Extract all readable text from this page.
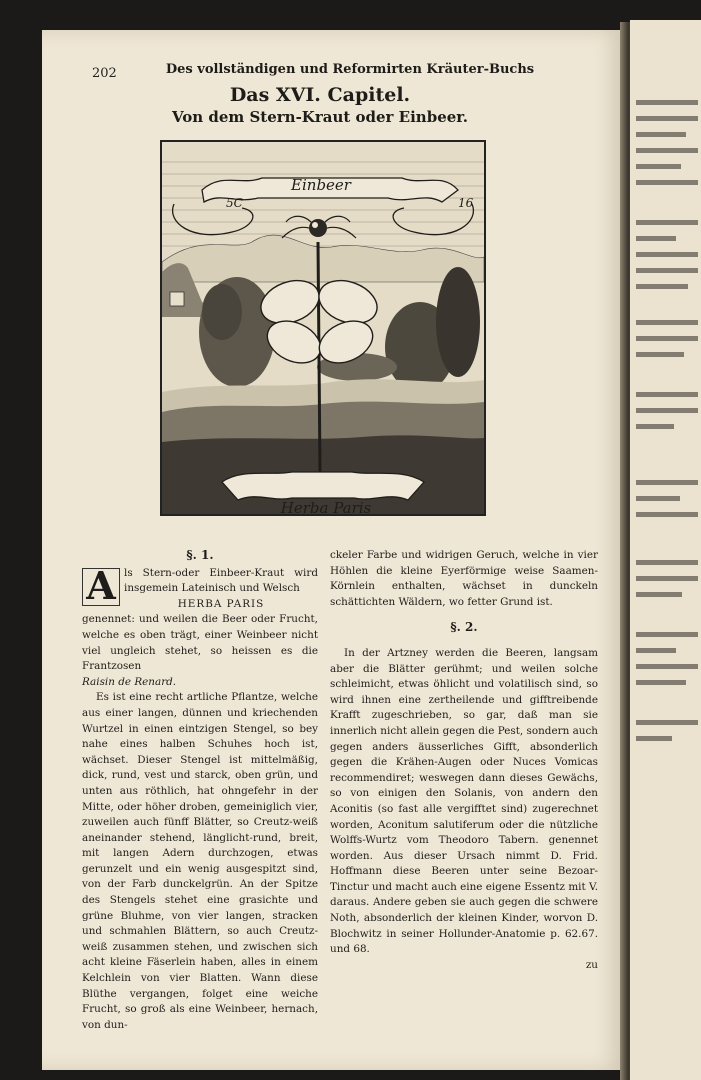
202	Des vollständigen und Reformirten Kräuter-Buchs
Das XVI. Capitel.
Von dem Stern-Kraut oder Einbeer.
Einbeer
5C	16
Herba Paris
§. 1.

A ls Stern-oder Einbeer-Kraut wird insgemein Lateinisch und Welsch

HERBA PARIS

genennet: und weilen die Beer oder Frucht, welche es oben trägt, einer Weinbeer nicht viel ungleich stehet, so heissen es die Frantzosen

Raisin de Renard.

Es ist eine recht artliche Pflantze, welche aus einer langen, dünnen und kriechenden Wurtzel in einen eintzigen Stengel, so bey nahe eines halben Schuhes hoch ist, wächset. Dieser Stengel ist mittelmäßig, dick, rund, vest und starck, oben grün, und unten aus röthlich, hat ohngefehr in der Mitte, oder höher droben, gemeiniglich vier, zuweilen auch fünff Blätter, so Creutz-weiß aneinander stehend, länglicht-rund, breit, mit langen Adern durchzogen, etwas gerunzelt und ein wenig ausgespitzt sind, von der Farb dunckelgrün. An der Spitze des Stengels stehet eine grasichte und grüne Bluhme, von vier langen, stracken und schmahlen Blättern, so auch Creutz-weiß zusammen stehen, und zwischen sich acht kleine Fäserlein haben, alles in einem Kelchlein von vier Blatten. Wann diese Blüthe vergangen, folget eine weiche Frucht, so groß als eine Weinbeer, hernach, von dun-

ckeler Farbe und widrigen Geruch, welche in vier Höhlen die kleine Eyerförmige weise Saamen-Körnlein enthalten, wächset in dunckeln schättichten Wäldern, wo fetter Grund ist.

§. 2.

In der Artzney werden die Beeren, langsam aber die Blätter gerühmt; und weilen solche schleimicht, etwas öhlicht und volatilisch sind, so wird ihnen eine zertheilende und gifftreibende Krafft zugeschrieben, so gar, daß man sie innerlich nicht allein gegen die Pest, sondern auch gegen anders äusserliches Gifft, absonderlich gegen die Krähen-Augen oder Nuces Vomicas recommendiret; weswegen dann dieses Gewächs, so von einigen den Solanis, von andern den Aconitis (so fast alle vergifftet sind) zugerechnet worden, Aconitum salutiferum oder die nützliche Wolffs-Wurtz vom Theodoro Tabern. genennet worden. Aus dieser Ursach nimmt D. Frid. Hoffmann diese Beeren unter seine Bezoar-Tinctur und macht auch eine eigene Essentz mit V. daraus. Andere geben sie auch gegen die schwere Noth, absonderlich der kleinen Kinder, worvon D. Blochwitz in seiner Hollunder-Anatomie p. 62.67. und 68.

zu
